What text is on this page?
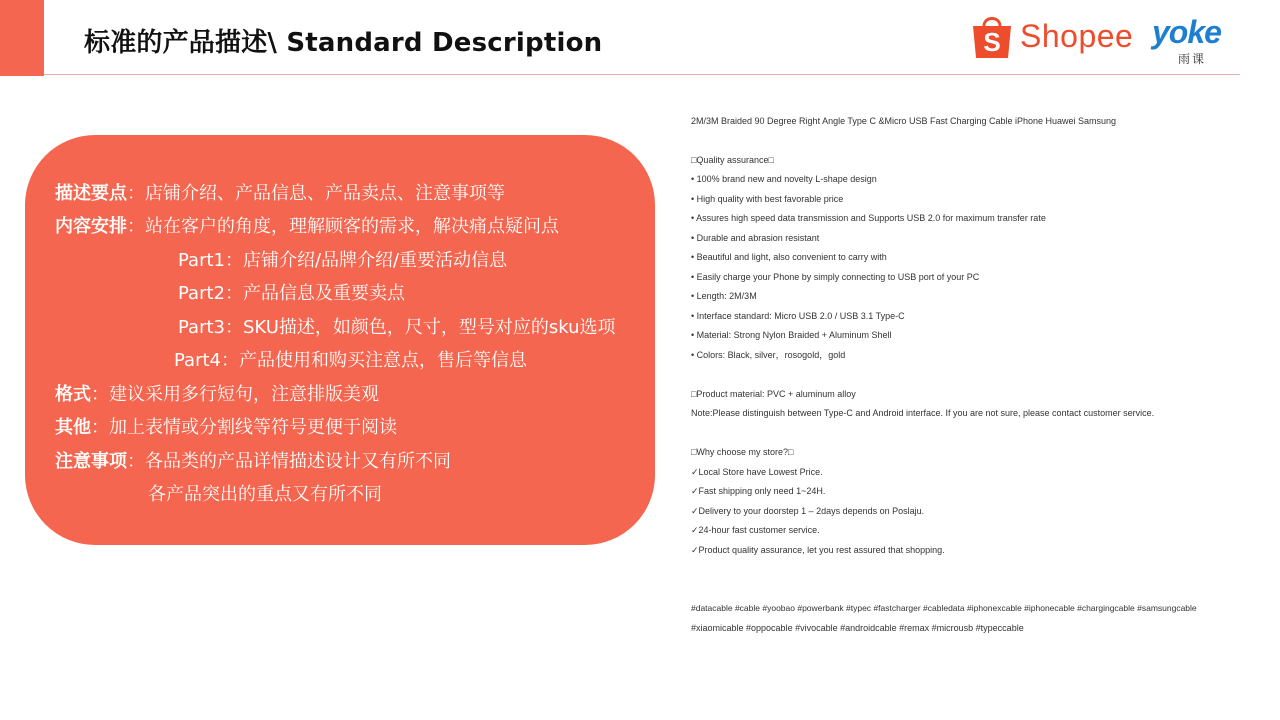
标准的产品描述\ Standard Description	S Shopee yoke
雨课
描述要点：店铺介绍、产品信息、产品卖点、注意事项等
内容安排：站在客户的角度，理解顾客的需求，解决痛点疑问点
Part1：店铺介绍/品牌介绍/重要活动信息
Part2：产品信息及重要卖点
Part3：SKU描述，如颜色，尺寸，型号对应的sku选项
Part4：产品使用和购买注意点，售后等信息
格式：建议采用多行短句，注意排版美观
其他：加上表情或分割线等符号更便于阅读
注意事项：各品类的产品详情描述设计又有所不同
各产品突出的重点又有所不同
2M/3M Braided 90 Degree Right Angle Type C &Micro USB Fast Charging Cable iPhone Huawei Samsung
□Quality assurance□
• 100% brand new and novelty L-shape design
• High quality with best favorable price
• Assures high speed data transmission and Supports USB 2.0 for maximum transfer rate
• Durable and abrasion resistant
• Beautiful and light, also convenient to carry with
• Easily charge your Phone by simply connecting to USB port of your PC
• Length: 2M/3M
• Interface standard: Micro USB 2.0 / USB 3.1 Type-C
• Material: Strong Nylon Braided + Aluminum Shell
• Colors: Black, silver，rosogold，gold
□Product material: PVC + aluminum alloy
Note:Please distinguish between Type-C and Android interface. If you are not sure, please contact customer service.
□Why choose my store?□
✓Local Store have Lowest Price.
✓Fast shipping only need 1~24H.
✓Delivery to your doorstep 1 – 2days depends on Poslaju.
✓24-hour fast customer service.
✓Product quality assurance, let you rest assured that shopping.
#datacable #cable #yoobao #powerbank #typec #fastcharger #cabledata #iphonexcable #iphonecable #chargingcable #samsungcable
#xiaomicable #oppocable #vivocable #androidcable #remax #microusb #typeccable
